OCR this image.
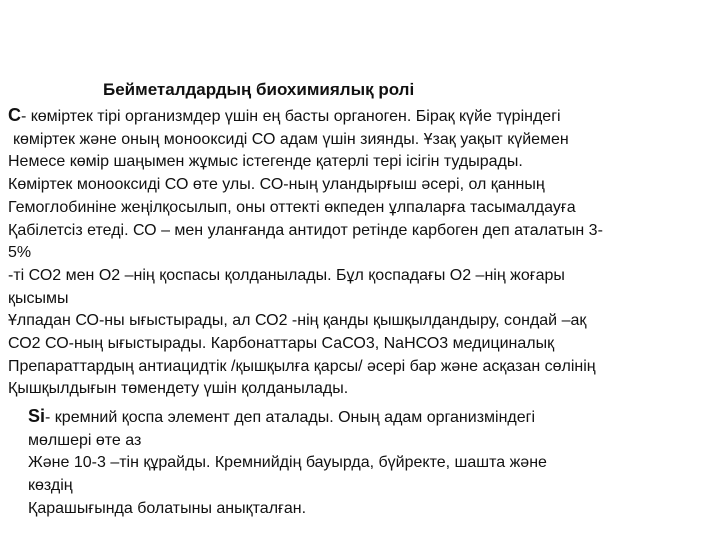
Бейметалдардың биохимиялық ролі
С- көміртек тірі организмдер үшін ең басты органоген. Бірақ күйе түріндегі
көміртек және оның монооксиді СО адам үшін зиянды. Ұзақ уақыт күйемен
Немесе көмір шаңымен жұмыс істегенде қатерлі тері ісігін тудырады.
Көміртек монооксиді СО өте улы. СО-ның уландырғыш әсері, ол қанның
Гемоглобиніне жеңілқосылып, оны оттекті өкпеден ұлпаларға тасымалдауға
Қабілетсіз етеді. СО – мен уланғанда антидот ретінде карбоген деп аталатын 3-
5%
-ті СО2 мен О2 –нің қоспасы қолданылады. Бұл қоспадағы О2 –нің жоғары
қысымы
Ұлпадан СО-ны ығыстырады, ал СО2 -нің қанды қышқылдандыру, сондай –ақ
СО2 СО-ның ығыстырады. Карбонаттары СаСО3, NaНСО3 медициналық
Препараттардың антиацидтік /қышқылға қарсы/ әсері бар және асқазан сөлінің
Қышқылдығын төмендету үшін қолданылады.
Si- кремний қоспа элемент деп аталады. Оның адам организміндегі
мөлшері өте аз
Және 10-3 –тін құрайды. Кремнийдің бауырда, бүйректе, шашта және
көздің
Қарашығында болатыны анықталған.
